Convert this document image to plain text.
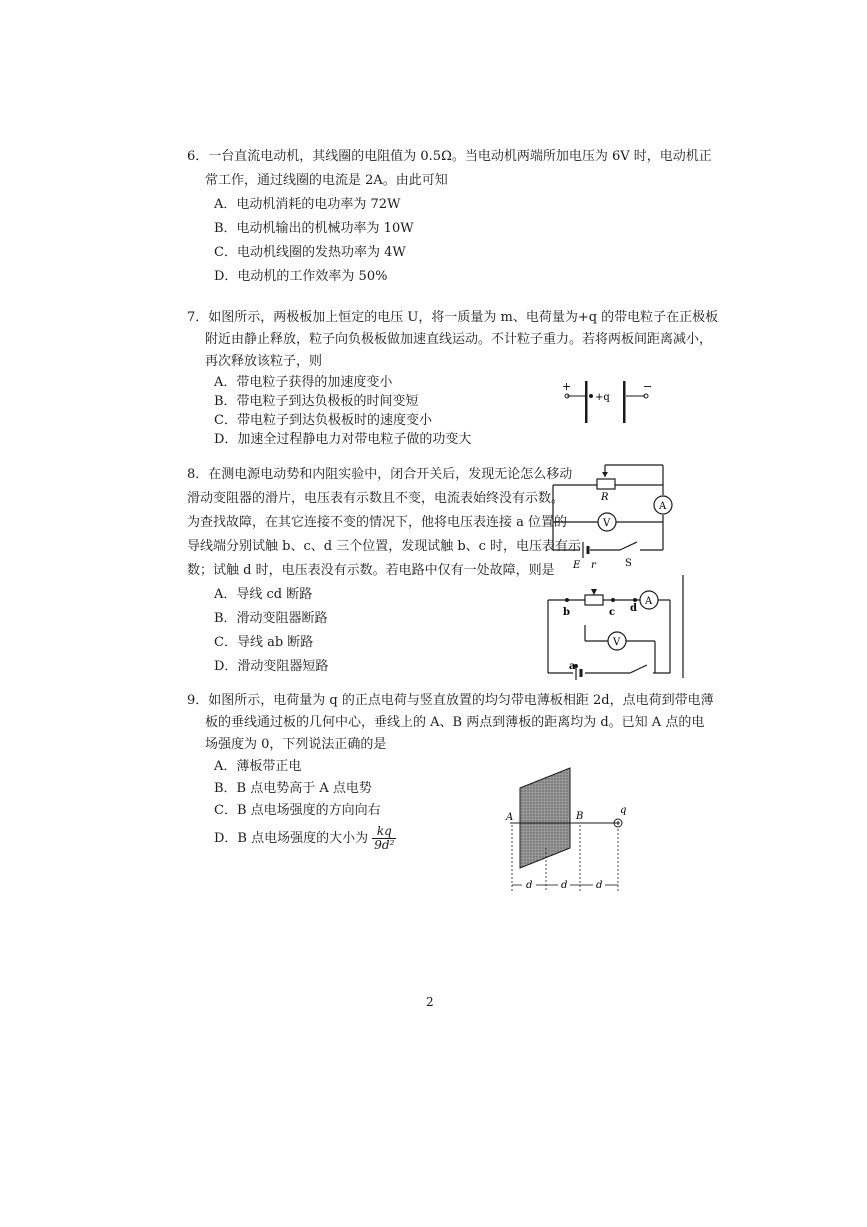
6．一台直流电动机，其线圈的电阻值为 0.5Ω。当电动机两端所加电压为 6V 时，电动机正
常工作，通过线圈的电流是 2A。由此可知
A．电动机消耗的电功率为 72W
B．电动机输出的机械功率为 10W
C．电动机线圈的发热功率为 4W
D．电动机的工作效率为 50%
7．如图所示，两极板加上恒定的电压 U，将一质量为 m、电荷量为+q 的带电粒子在正极板
附近由静止释放，粒子向负极板做加速直线运动。不计粒子重力。若将两板间距离减小，
再次释放该粒子，则
A．带电粒子获得的加速度变小
B．带电粒子到达负极板的时间变短
C．带电粒子到达负极板时的速度变小
D．加速全过程静电力对带电粒子做的功变大
+	−
+q
8．在测电源电动势和内阻实验中，闭合开关后，发现无论怎么移动
滑动变阻器的滑片，电压表有示数且不变，电流表始终没有示数。
为查找故障，在其它连接不变的情况下，他将电压表连接 a 位置的
导线端分别试触 b、c、d 三个位置，发现试触 b、c 时，电压表有示
数；试触 d 时，电压表没有示数。若电路中仅有一处故障，则是
A．导线 cd 断路
B．滑动变阻器断路
C．导线 ab 断路
D．滑动变阻器短路
R
A
V
E r	S
b	c d
a
A
V
9．如图所示，电荷量为 q 的正点电荷与竖直放置的均匀带电薄板相距 2d，点电荷到带电薄
板的垂线通过板的几何中心，垂线上的 A、B 两点到薄板的距离均为 d。已知 A 点的电
场强度为 0，下列说法正确的是
A．薄板带正电
B．B 点电势高于 A 点电势
C．B 点电场强度的方向向右
D．B 点电场强度的大小为 $\frac{kq}{\text{9d²}}$
A	B
q
d	d	d
2
